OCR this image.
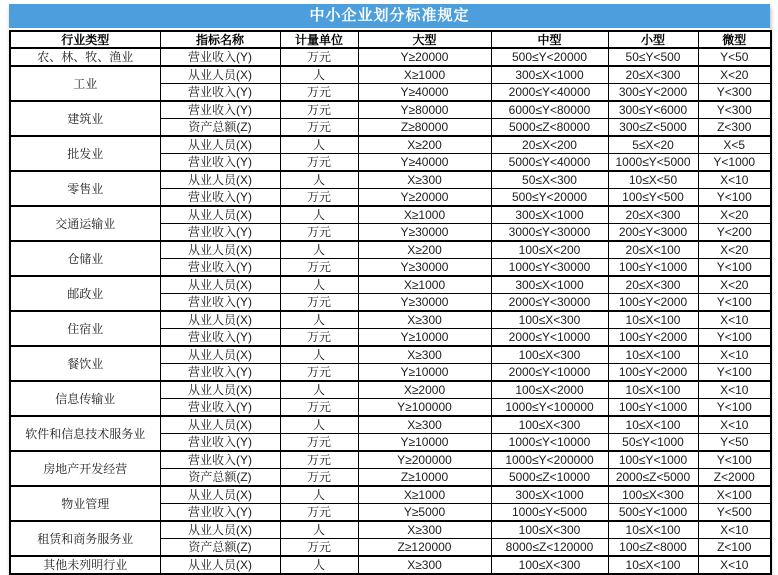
中小企业划分标准规定
行业类型	指标名称	计量单位	大型	中型	小型	微型
农、林、牧、渔业	营业收入(Y)	万元	Y≥20000	500≤Y<20000	50≤Y<500	Y<50
工业	从业人员(X)	人	X≥1000	300≤X<1000	20≤X<300	X<20
	营业收入(Y)	万元	Y≥40000	2000≤Y<40000	300≤Y<2000	Y<300
建筑业	营业收入(Y)	万元	Y≥80000	6000≤Y<80000	300≤Y<6000	Y<300
	资产总额(Z)	万元	Z≥80000	5000≤Z<80000	300≤Z<5000	Z<300
批发业	从业人员(X)	人	X≥200	20≤X<200	5≤X<20	X<5
	营业收入(Y)	万元	Y≥40000	5000≤Y<40000	1000≤Y<5000	Y<1000
零售业	从业人员(X)	人	X≥300	50≤X<300	10≤X<50	X<10
	营业收入(Y)	万元	Y≥20000	500≤Y<20000	100≤Y<500	Y<100
交通运输业	从业人员(X)	人	X≥1000	300≤X<1000	20≤X<300	X<20
	营业收入(Y)	万元	Y≥30000	3000≤Y<30000	200≤Y<3000	Y<200
仓储业	从业人员(X)	人	X≥200	100≤X<200	20≤X<100	X<20
	营业收入(Y)	万元	Y≥30000	1000≤Y<30000	100≤Y<1000	Y<100
邮政业	从业人员(X)	人	X≥1000	300≤X<1000	20≤X<300	X<20
	营业收入(Y)	万元	Y≥30000	2000≤Y<30000	100≤Y<2000	Y<100
住宿业	从业人员(X)	人	X≥300	100≤X<300	10≤X<100	X<10
	营业收入(Y)	万元	Y≥10000	2000≤Y<10000	100≤Y<2000	Y<100
餐饮业	从业人员(X)	人	X≥300	100≤X<300	10≤X<100	X<10
	营业收入(Y)	万元	Y≥10000	2000≤Y<10000	100≤Y<2000	Y<100
信息传输业	从业人员(X)	人	X≥2000	100≤X<2000	10≤X<100	X<10
	营业收入(Y)	万元	Y≥100000	1000≤Y<100000	100≤Y<1000	Y<100
软件和信息技术服务业	从业人员(X)	人	X≥300	100≤X<300	10≤X<100	X<10
	营业收入(Y)	万元	Y≥10000	1000≤Y<10000	50≤Y<1000	Y<50
房地产开发经营	营业收入(Y)	万元	Y≥200000	1000≤Y<200000	100≤Y<1000	Y<100
	资产总额(Z)	万元	Z≥10000	5000≤Z<10000	2000≤Z<5000	Z<2000
物业管理	从业人员(X)	人	X≥1000	300≤X<1000	100≤X<300	X<100
	营业收入(Y)	万元	Y≥5000	1000≤Y<5000	500≤Y<1000	Y<500
租赁和商务服务业	从业人员(X)	人	X≥300	100≤X<300	10≤X<100	X<10
	资产总额(Z)	万元	Z≥120000	8000≤Z<120000	100≤Z<8000	Z<100
其他未列明行业	从业人员(X)	人	X≥300	100≤X<300	10≤X<100	X<10
